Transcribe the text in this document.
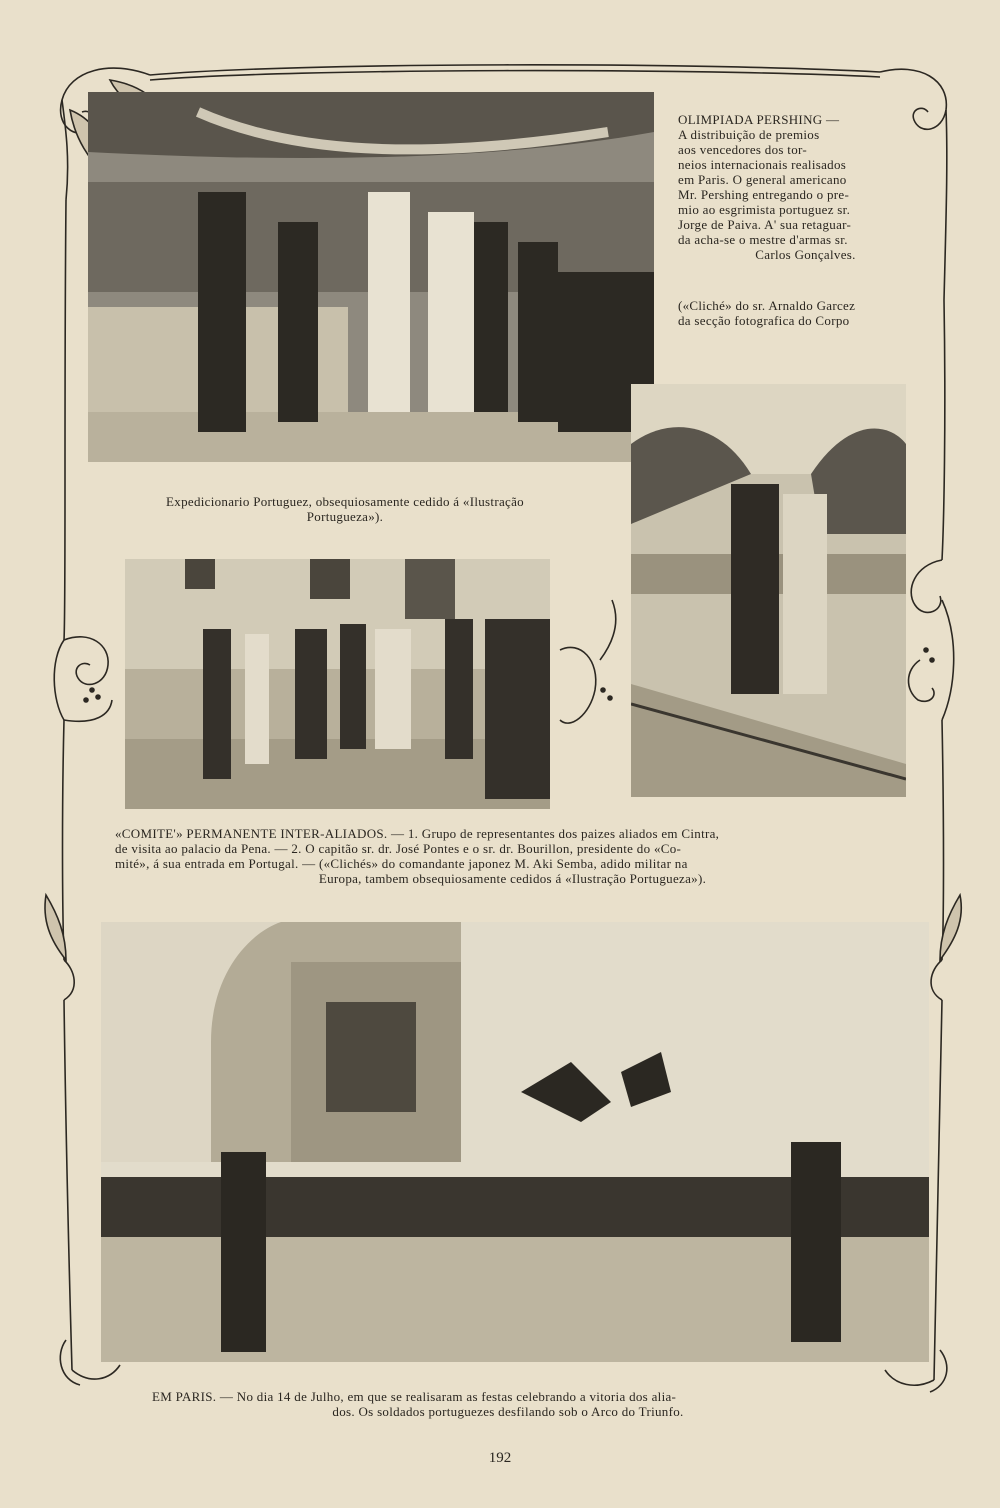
OLIMPIADA PERSHING —

A distribuição de premios

aos vencedores dos tor-

neios internacionais realisados

em Paris. O general americano

Mr. Pershing entregando o pre-

mio ao esgrimista portuguez sr.

Jorge de Paiva. A' sua retaguar-

da acha-se o mestre d'armas sr.

Carlos Gonçalves.

(«Cliché» do sr. Arnaldo Garcez

da secção fotografica do Corpo

Expedicionario Portuguez, obsequiosamente cedido á «Ilustração

Portugueza»).

«COMITE'» PERMANENTE INTER-ALIADOS. — 1. Grupo de representantes dos paizes aliados em Cintra,

de visita ao palacio da Pena. — 2. O capitão sr. dr. José Pontes e o sr. dr. Bourillon, presidente do «Co-

mité», á sua entrada em Portugal. — («Clichés» do comandante japonez M. Aki Semba, adido militar na

Europa, tambem obsequiosamente cedidos á «Ilustração Portugueza»).

EM PARIS. — No dia 14 de Julho, em que se realisaram as festas celebrando a vitoria dos alia-

dos. Os soldados portuguezes desfilando sob o Arco do Triunfo.

192
